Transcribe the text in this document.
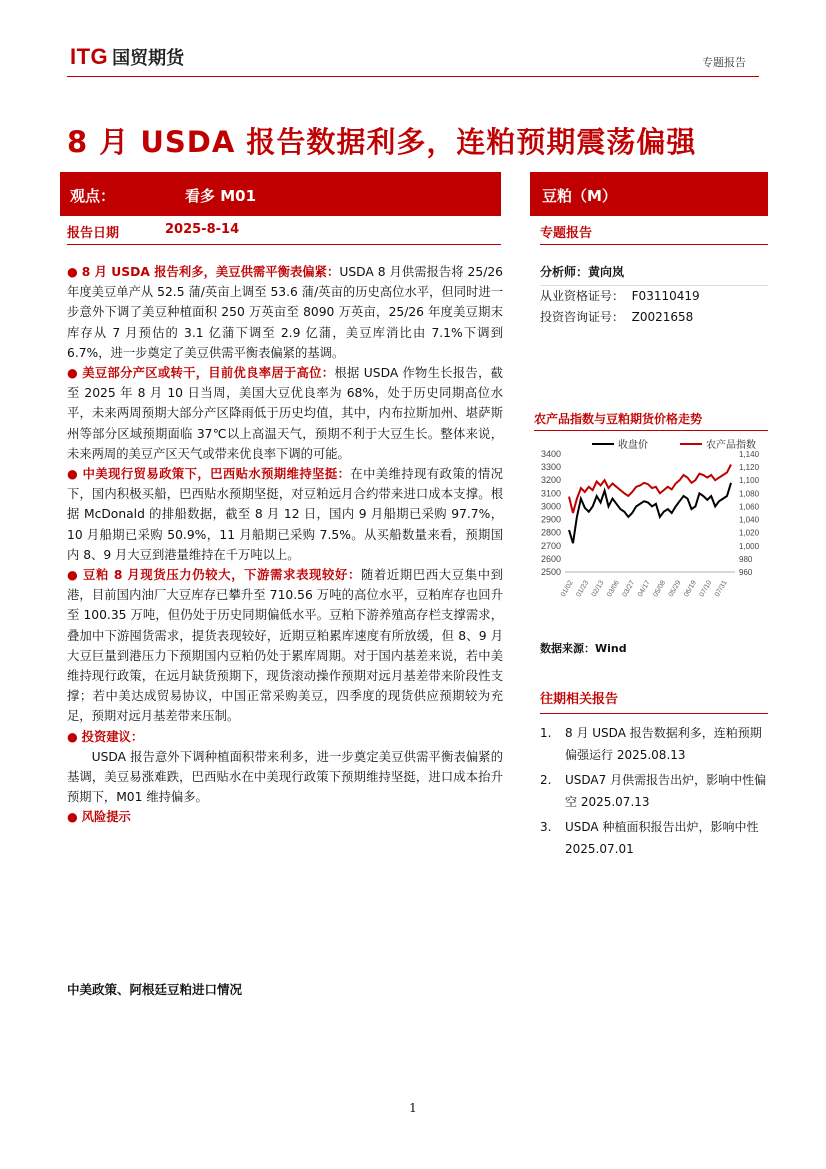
ITG 国贸期货	专题报告
8 月 USDA 报告数据利多，连粕预期震荡偏强
观点：	看多 M01	豆粕（M）
报告日期	2025-8-14	专题报告

● 8 月 USDA 报告利多，美豆供需平衡表偏紧：USDA 8 月供需报告将 25/26 年度美豆单产从 52.5 蒲/英亩上调至 53.6 蒲/英亩的历史高位水平，但同时进一步意外下调了美豆种植面积 250 万英亩至 8090 万英亩，25/26 年度美豆期末库存从 7 月预估的 3.1 亿蒲下调至 2.9 亿蒲，美豆库消比由 7.1%下调到 6.7%，进一步奠定了美豆供需平衡表偏紧的基调。

● 美豆部分产区或转干，目前优良率居于高位：根据 USDA 作物生长报告，截至 2025 年 8 月 10 日当周，美国大豆优良率为 68%，处于历史同期高位水平，未来两周预期大部分产区降雨低于历史均值，其中，内布拉斯加州、堪萨斯州等部分区域预期面临 37℃以上高温天气，预期不利于大豆生长。整体来说，未来两周的美豆产区天气或带来优良率下调的可能。

● 中美现行贸易政策下，巴西贴水预期维持坚挺：在中美维持现有政策的情况下，国内积极买船，巴西贴水预期坚挺，对豆粕远月合约带来进口成本支撑。根据 McDonald 的排船数据，截至 8 月 12 日，国内 9 月船期已采购 97.7%，10 月船期已采购 50.9%，11 月船期已采购 7.5%。从买船数量来看，预期国内 8、9 月大豆到港量维持在千万吨以上。

● 豆粕 8 月现货压力仍较大，下游需求表现较好：随着近期巴西大豆集中到港，目前国内油厂大豆库存已攀升至 710.56 万吨的高位水平，豆粕库存也回升至 100.35 万吨，但仍处于历史同期偏低水平。豆粕下游养殖高存栏支撑需求，叠加中下游囤货需求，提货表现较好，近期豆粕累库速度有所放缓，但 8、9 月大豆巨量到港压力下预期国内豆粕仍处于累库周期。对于国内基差来说，若中美维持现行政策，在远月缺货预期下，现货滚动操作预期对远月基差带来阶段性支撑；若中美达成贸易协议，中国正常采购美豆，四季度的现货供应预期较为充足，预期对远月基差带来压制。

● 投资建议：

USDA 报告意外下调种植面积带来利多，进一步奠定美豆供需平衡表偏紧的基调，美豆易涨难跌，巴西贴水在中美现行政策下预期维持坚挺，进口成本抬升预期下，M01 维持偏多。

● 风险提示

中美政策、阿根廷豆粕进口情况
分析师：黄向岚
从业资格证号： F03110419
投资咨询证号： Z0021658
农产品指数与豆粕期货价格走势
2500
2600
2700
2800
2900
3000
3100
3200
3300
3400
960
980
1,000
1,020
1,040
1,060
1,080
1,100
1,120
1,140
01/02 01/23 02/13 03/06 03/27 04/17 05/08 05/29 06/19 07/10 07/31
收盘价	农产品指数
数据来源：Wind
往期相关报告
1.	8 月 USDA 报告数据利多，连粕预期偏强运行 2025.08.13
2.	USDA7 月供需报告出炉，影响中性偏空 2025.07.13
3.	USDA 种植面积报告出炉，影响中性 2025.07.01
1
